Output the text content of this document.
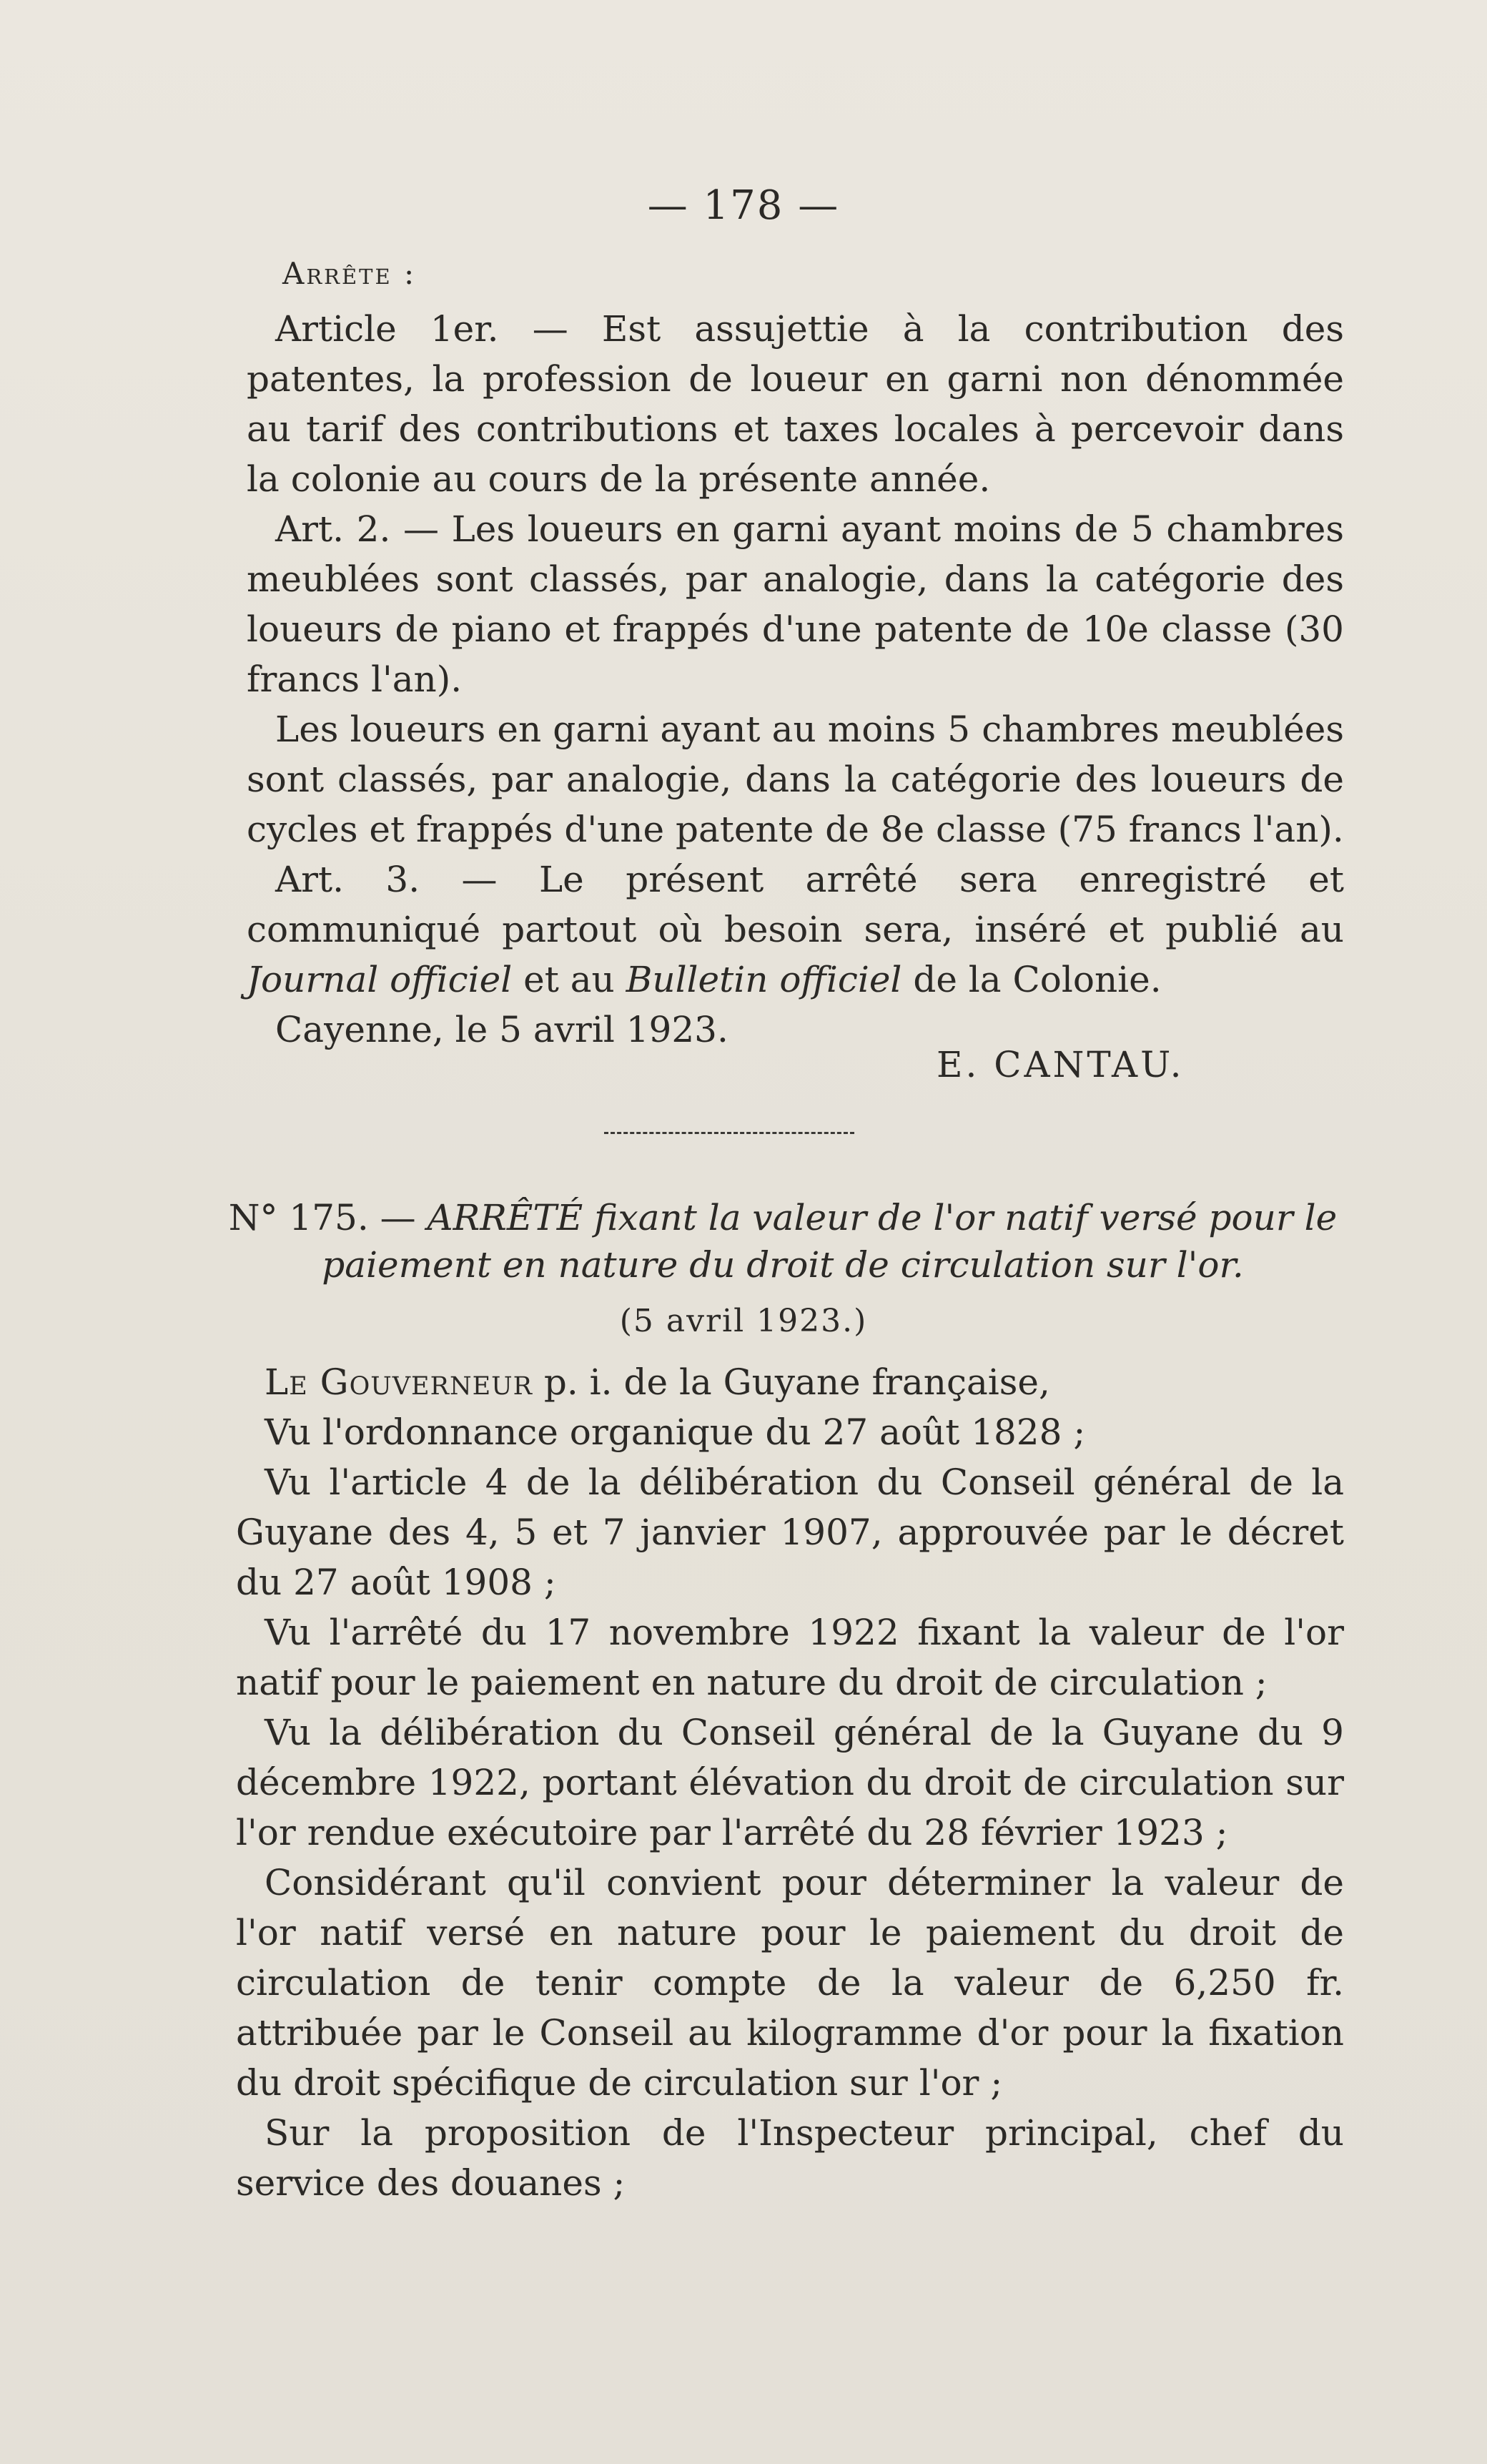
— 178 —
Arrête :

Article 1er. — Est assujettie à la contribution des patentes, la profession de loueur en garni non dénommée au tarif des contributions et taxes locales à percevoir dans la colonie au cours de la présente année.

Art. 2. — Les loueurs en garni ayant moins de 5 chambres meublées sont classés, par analogie, dans la catégorie des loueurs de piano et frappés d'une patente de 10e classe (30 francs l'an).

Les loueurs en garni ayant au moins 5 chambres meublées sont classés, par analogie, dans la catégorie des loueurs de cycles et frappés d'une patente de 8e classe (75 francs l'an).

Art. 3. — Le présent arrêté sera enregistré et communiqué partout où besoin sera, inséré et publié au Journal officiel et au Bulletin officiel de la Colonie.

Cayenne, le 5 avril 1923.

E. CANTAU.
N° 175. — ARRÊTÉ fixant la valeur de l'or natif versé pour le paiement en nature du droit de circulation sur l'or.
(5 avril 1923.)

Le Gouverneur p. i. de la Guyane française,

Vu l'ordonnance organique du 27 août 1828 ;

Vu l'article 4 de la délibération du Conseil général de la Guyane des 4, 5 et 7 janvier 1907, approuvée par le décret du 27 août 1908 ;

Vu l'arrêté du 17 novembre 1922 fixant la valeur de l'or natif pour le paiement en nature du droit de circulation ;

Vu la délibération du Conseil général de la Guyane du 9 décembre 1922, portant élévation du droit de circulation sur l'or rendue exécutoire par l'arrêté du 28 février 1923 ;

Considérant qu'il convient pour déterminer la valeur de l'or natif versé en nature pour le paiement du droit de circulation de tenir compte de la valeur de 6,250 fr. attribuée par le Conseil au kilogramme d'or pour la fixation du droit spécifique de circulation sur l'or ;

Sur la proposition de l'Inspecteur principal, chef du service des douanes ;
